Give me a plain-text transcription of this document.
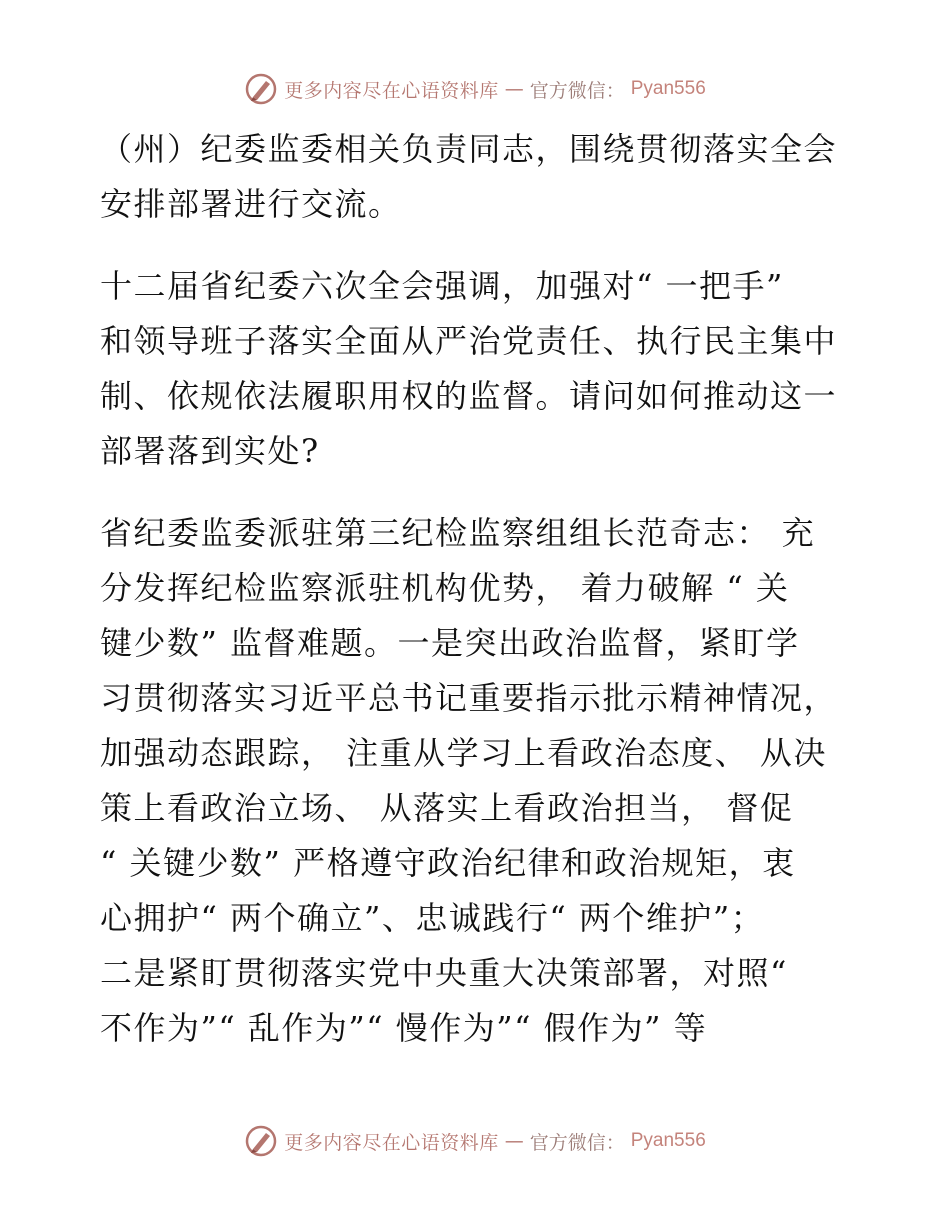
更多内容尽在心语资料库 — 官方微信： Pyan556

（州）纪委监委相关负责同志，围绕贯彻落实全会
安排部署进行交流。

十二届省纪委六次全会强调，加强对“ 一把手”
和领导班子落实全面从严治党责任、执行民主集中
制、依规依法履职用权的监督。请问如何推动这一
部署落到实处?

省纪委监委派驻第三纪检监察组组长范奇志： 充
分发挥纪检监察派驻机构优势， 着力破解 “ 关
键少数” 监督难题。一是突出政治监督，紧盯学
习贯彻落实习近平总书记重要指示批示精神情况，
加强动态跟踪， 注重从学习上看政治态度、 从决
策上看政治立场、 从落实上看政治担当， 督促
“ 关键少数” 严格遵守政治纪律和政治规矩，衷
心拥护“ 两个确立”、忠诚践行“ 两个维护”；
二是紧盯贯彻落实党中央重大决策部署，对照“
不作为”“ 乱作为”“ 慢作为”“ 假作为” 等

更多内容尽在心语资料库 — 官方微信： Pyan556
